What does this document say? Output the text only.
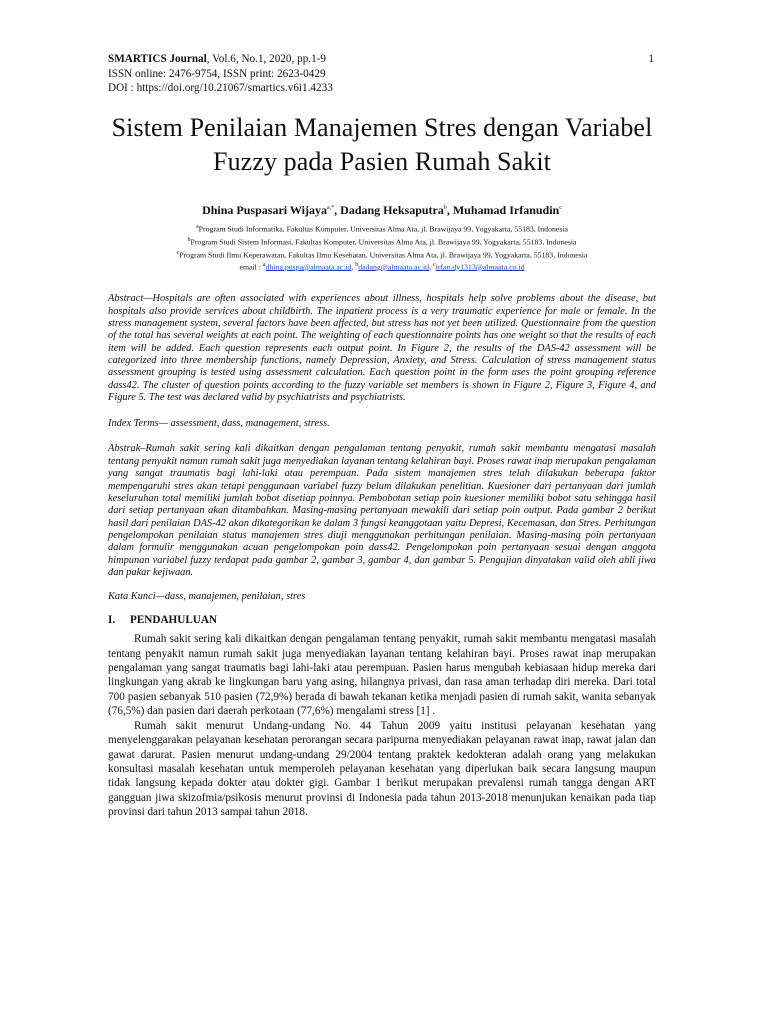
SMARTICS Journal, Vol.6, No.1, 2020, pp.1-9	1
ISSN online: 2476-9754, ISSN print: 2623-0429
DOI : https://doi.org/10.21067/smartics.v6i1.4233
Sistem Penilaian Manajemen Stres dengan Variabel Fuzzy pada Pasien Rumah Sakit
Dhina Puspasari Wijaya$^{a,*}$, Dadang Heksaputra$^b$, Muhamad Irfanudin$^c$
$^a$Program Studi Informatika, Fakultas Komputer, Universitas Alma Ata, jl. Brawijaya 99, Yogyakarta, 55183, Indonesia
$^b$Program Studi Sistem Informasi, Fakultas Komputer, Universitas Alma Ata, jl. Brawijaya 99, Yogyakarta, 55183, Indonesia
$^c$Program Studi Ilmu Keperawatan, Fakultas Ilmu Kesehatan, Universitas Alma Ata, jl. Brawijaya 99, Yogyakarta, 55183, Indonesia
email : $^a$dhina.puspa@almaata.ac.id, $^b$dadang@almaata.ac.id, $^c$irfan.dy1313@almaata.co.id
Abstract—Hospitals are often associated with experiences about illness, hospitals help solve problems about the disease, but hospitals also provide services about childbirth. The inpatient process is a very traumatic experience for male or female. In the stress management system, several factors have been affected, but stress has not yet been utilized. Questionnaire from the question of the total has several weights at each point. The weighting of each questionnaire points has one weight so that the results of each item will be added. Each question represents each output point. In Figure 2, the results of the DAS-42 assessment will be categorized into three membership functions, namely Depression, Anxiety, and Stress. Calculation of stress management status assessment grouping is tested using assessment calculation. Each question point in the form uses the point grouping reference dass42. The cluster of question points according to the fuzzy variable set members is shown in Figure 2, Figure 3, Figure 4, and Figure 5. The test was declared valid by psychiatrists and psychiatrists.
Index Terms— assessment, dass, management, stress.
Abstrak–Rumah sakit sering kali dikaitkan dengan pengalaman tentang penyakit, rumah sakit membantu mengatasi masalah tentang penyakit namun rumah sakit juga menyediakan layanan tentang kelahiran bayi. Proses rawat inap merupakan pengalaman yang sangat traumatis bagi lahi-laki atau perempuan. Pada sistem manajemen stres telah dilakukan beberapa faktor mempengaruhi stres akan tetapi penggunaan variabel fuzzy belum dilakukan penelitian. Kuesioner dari pertanyaan dari jumlah keseluruhan total memiliki jumlah bobot disetiap poinnya. Pembobotan setiap poin kuesioner memiliki bobot satu sehingga hasil dari setiap pertanyaan akan ditambahkan. Masing-masing pertanyaan mewakili dari setiap poin output. Pada gambar 2 berikut hasil dari penilaian DAS-42 akan dikategorikan ke dalam 3 fungsi keanggotaan yaitu Depresi, Kecemasan, dan Stres. Perhitungan pengelompokan penilaian status manajemen stres diuji menggunakan perhitungan penilaian. Masing-masing poin pertanyaan dalam formulir menggunakan acuan pengelompokan poin dass42. Pengelompokan poin pertanyaan sesuai dengan anggota himpunan variabel fuzzy terdapat pada gambar 2, gambar 3, gambar 4, dan gambar 5. Pengujian dinyatakan valid oleh ahli jiwa dan pakar kejiwaan.
Kata Kunci—dass, manajemen, penilaian, stres
I. PENDAHULUAN

Rumah sakit sering kali dikaitkan dengan pengalaman tentang penyakit, rumah sakit membantu mengatasi masalah tentang penyakit namun rumah sakit juga menyediakan layanan tentang kelahiran bayi. Proses rawat inap merupakan pengalaman yang sangat traumatis bagi lahi-laki atau perempuan. Pasien harus mengubah kebiasaan hidup mereka dari lingkungan yang akrab ke lingkungan baru yang asing, hilangnya privasi, dan rasa aman terhadap diri mereka. Dari total 700 pasien sebanyak 510 pasien (72,9%) berada di bawah tekanan ketika menjadi pasien di rumah sakit, wanita sebanyak (76,5%) dan pasien dari daerah perkotaan (77,6%) mengalami stress [1] .

Rumah sakit menurut Undang-undang No. 44 Tahun 2009 yaitu institusi pelayanan kesehatan yang menyelenggarakan pelayanan kesehatan perorangan secara paripurna menyediakan pelayanan rawat inap, rawat jalan dan gawat darurat. Pasien menurut undang-undang 29/2004 tentang praktek kedokteran adalah orang yang melakukan konsultasi masalah kesehatan untuk memperoleh pelayanan kesehatan yang diperlukan baik secara langsung maupun tidak langsung kepada dokter atau dokter gigi. Gambar 1 berikut merupakan prevalensi rumah tangga dengan ART gangguan jiwa skizofmia/psikosis menurut provinsi di Indonesia pada tahun 2013-2018 menunjukan kenaikan pada tiap provinsi dari tahun 2013 sampai tahun 2018.
